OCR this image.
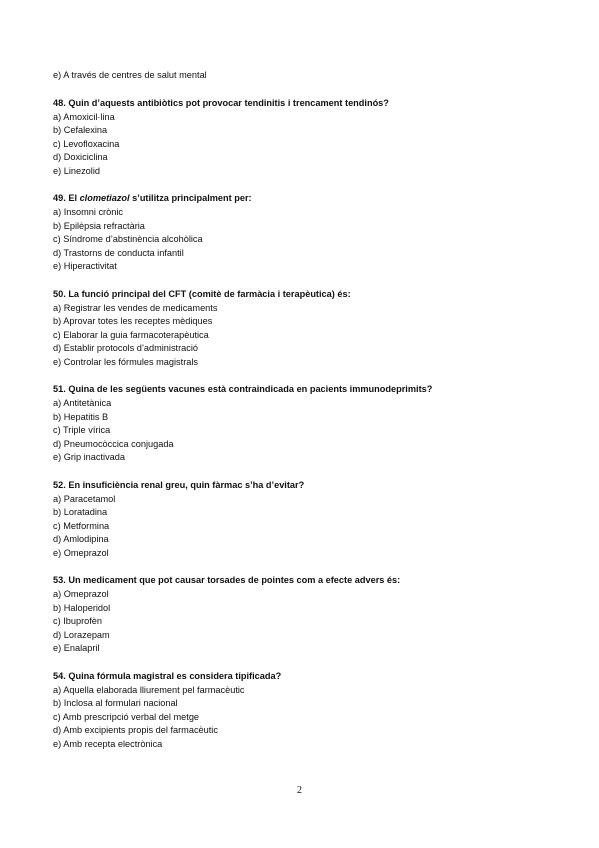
e) A través de centres de salut mental

48. Quin d’aquests antibiòtics pot provocar tendinitis i trencament tendinós?

a) Amoxicil·lina

b) Cefalexina

c) Levofloxacina

d) Doxiciclina

e) Linezolid

49. El clometiazol s’utilitza principalment per:

a) Insomni crònic

b) Epilèpsia refractària

c) Síndrome d’abstinència alcohòlica

d) Trastorns de conducta infantil

e) Hiperactivitat

50. La funció principal del CFT (comitè de farmàcia i terapèutica) és:

a) Registrar les vendes de medicaments

b) Aprovar totes les receptes mèdiques

c) Elaborar la guia farmacoterapèutica

d) Establir protocols d’administració

e) Controlar les fórmules magistrals

51. Quina de les següents vacunes està contraindicada en pacients immunodeprimits?

a) Antitetànica

b) Hepatitis B

c) Triple vírica

d) Pneumocòccica conjugada

e) Grip inactivada

52. En insuficiència renal greu, quin fàrmac s’ha d’evitar?

a) Paracetamol

b) Loratadina

c) Metformina

d) Amlodipina

e) Omeprazol

53. Un medicament que pot causar torsades de pointes com a efecte advers és:

a) Omeprazol

b) Haloperidol

c) Ibuprofèn

d) Lorazepam

e) Enalapril

54. Quina fórmula magistral es considera tipificada?

a) Aquella elaborada lliurement pel farmacèutic

b) Inclosa al formulari nacional

c) Amb prescripció verbal del metge

d) Amb excipients propis del farmacèutic

e) Amb recepta electrònica

2
